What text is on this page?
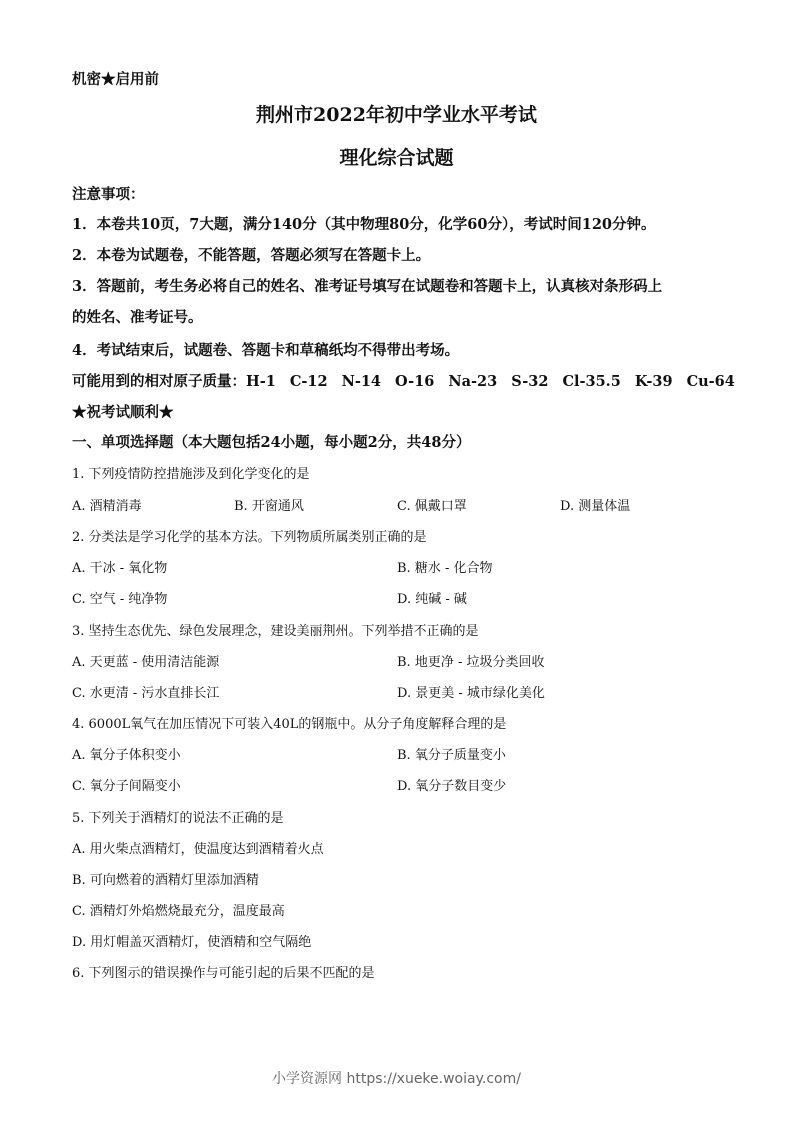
机密★启用前
荆州市2022年初中学业水平考试
理化综合试题
注意事项：
1．本卷共10页，7大题，满分140分（其中物理80分，化学60分），考试时间120分钟。
2．本卷为试题卷，不能答题，答题必须写在答题卡上。
3．答题前，考生务必将自己的姓名、准考证号填写在试题卷和答题卡上，认真核对条形码上
的姓名、准考证号。
4．考试结束后，试题卷、答题卡和草稿纸均不得带出考场。
可能用到的相对原子质量：H-1 C-12 N-14 O-16 Na-23 S-32 Cl-35.5 K-39 Cu-64
★祝考试顺利★
一、单项选择题（本大题包括24小题，每小题2分，共48分）
1. 下列疫情防控措施涉及到化学变化的是
A. 酒精消毒	B. 开窗通风	C. 佩戴口罩	D. 测量体温
2. 分类法是学习化学的基本方法。下列物质所属类别正确的是
A. 干冰 - 氧化物	B. 糖水 - 化合物
C. 空气 - 纯净物	D. 纯碱 - 碱
3. 坚持生态优先、绿色发展理念，建设美丽荆州。下列举措不正确的是
A. 天更蓝 - 使用清洁能源	B. 地更净 - 垃圾分类回收
C. 水更清 - 污水直排长江	D. 景更美 - 城市绿化美化
4. 6000L氧气在加压情况下可装入40L的钢瓶中。从分子角度解释合理的是
A. 氧分子体积变小	B. 氧分子质量变小
C. 氧分子间隔变小	D. 氧分子数目变少
5. 下列关于酒精灯的说法不正确的是
A. 用火柴点酒精灯，使温度达到酒精着火点
B. 可向燃着的酒精灯里添加酒精
C. 酒精灯外焰燃烧最充分，温度最高
D. 用灯帽盖灭酒精灯，使酒精和空气隔绝
6. 下列图示的错误操作与可能引起的后果不匹配的是
小学资源网 https://xueke.woiay.com/
